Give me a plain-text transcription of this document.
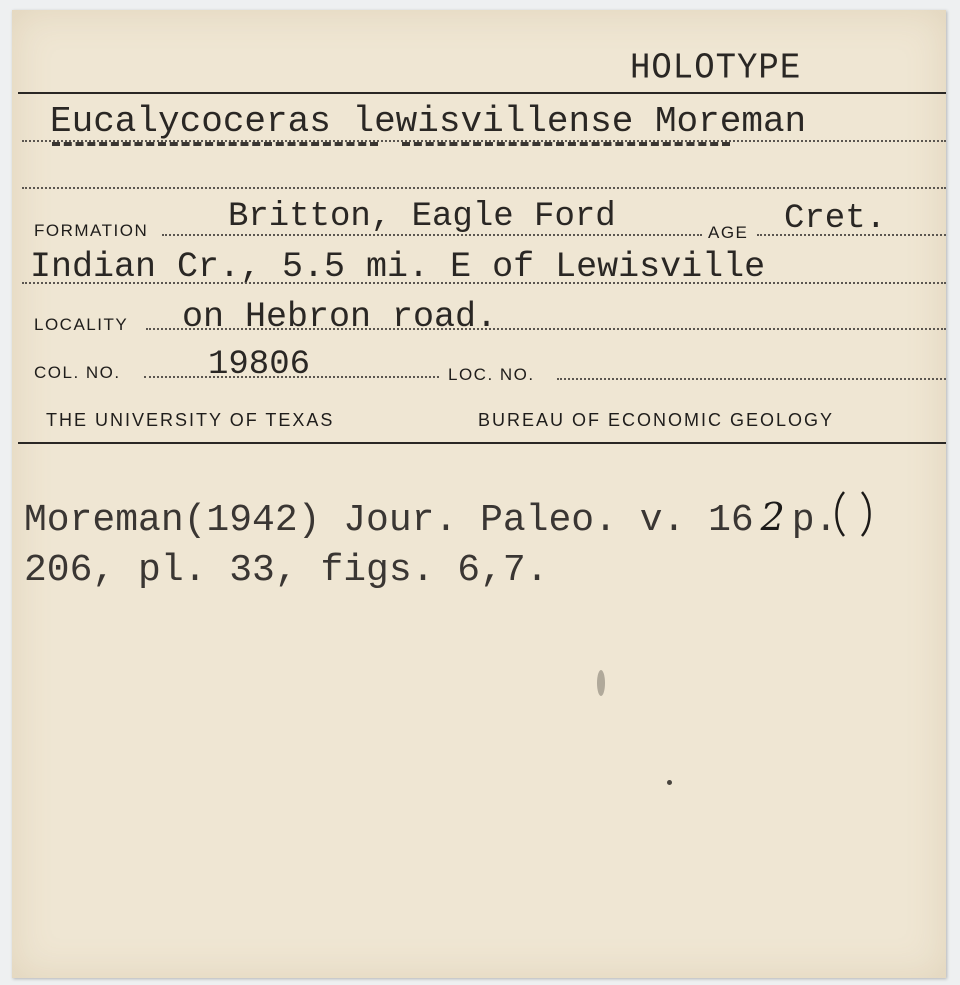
HOLOTYPE
Eucalycoceras lewisvillense Moreman
FORMATION Britton, Eagle Ford	AGE Cret.
Indian Cr., 5.5 mi. E of Lewisville
LOCALITY on Hebron road.
COL. NO.	19806	LOC. NO.
THE UNIVERSITY OF TEXAS	BUREAU OF ECONOMIC GEOLOGY
Moreman(1942) Jour. Paleo. v. 16 2 p.
206, pl. 33, figs. 6,7.
